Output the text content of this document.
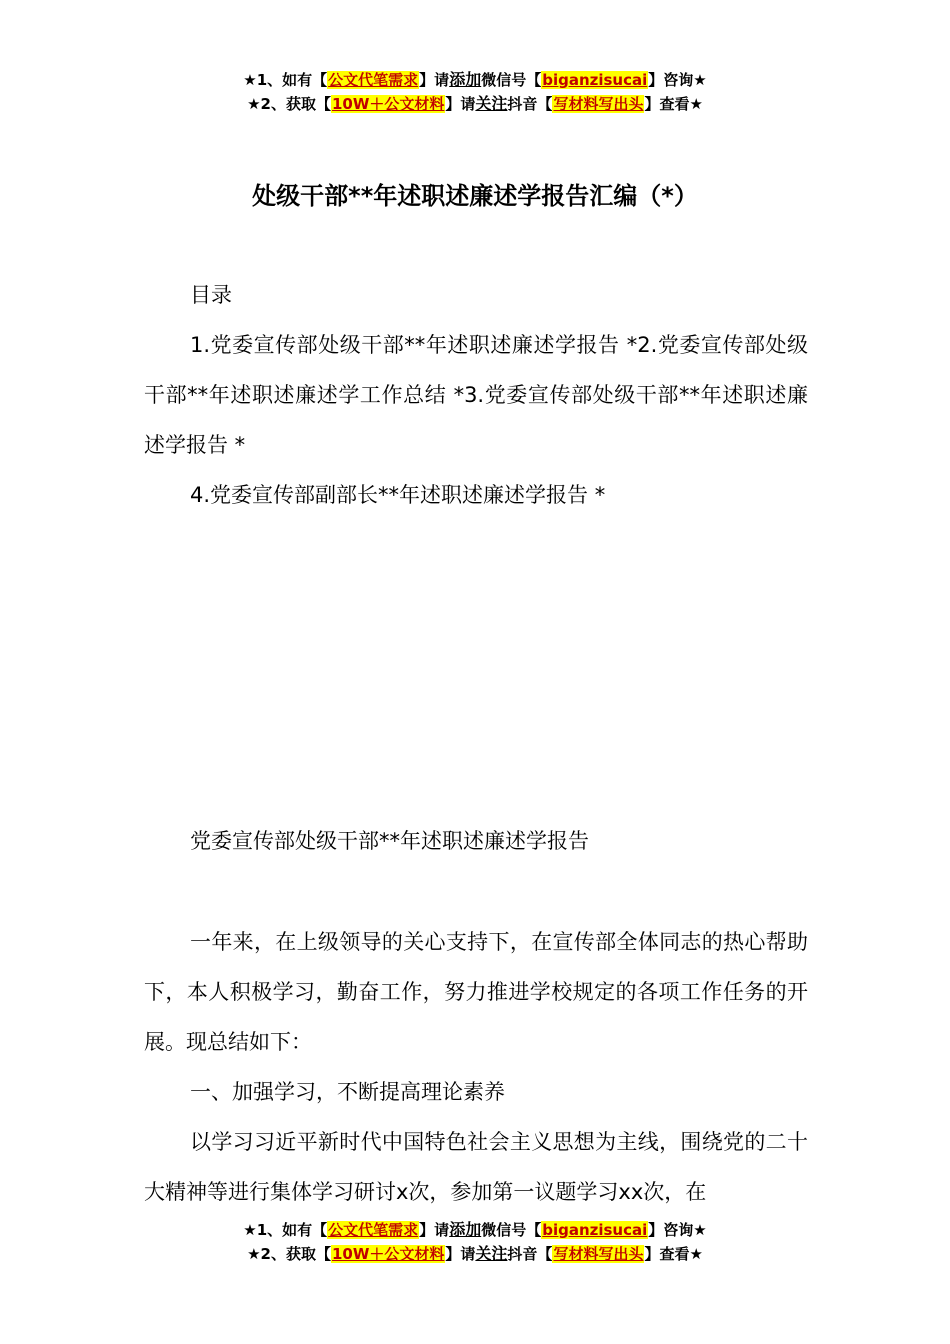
★1、如有【公文代笔需求】请添加微信号【biganzisucai】咨询★
★2、获取【10W＋公文材料】请关注抖音【写材料写出头】查看★
处级干部**年述职述廉述学报告汇编（*）

目录

1.党委宣传部处级干部**年述职述廉述学报告 *2.党委宣传部处级干部**年述职述廉述学工作总结 *3.党委宣传部处级干部**年述职述廉述学报告 *

4.党委宣传部副部长**年述职述廉述学报告 *

党委宣传部处级干部**年述职述廉述学报告

一年来，在上级领导的关心支持下，在宣传部全体同志的热心帮助下，本人积极学习，勤奋工作，努力推进学校规定的各项工作任务的开展。现总结如下：

一、加强学习，不断提高理论素养

以学习习近平新时代中国特色社会主义思想为主线，围绕党的二十大精神等进行集体学习研讨x次，参加第一议题学习xx次，在

★1、如有【公文代笔需求】请添加微信号【biganzisucai】咨询★
★2、获取【10W＋公文材料】请关注抖音【写材料写出头】查看★
